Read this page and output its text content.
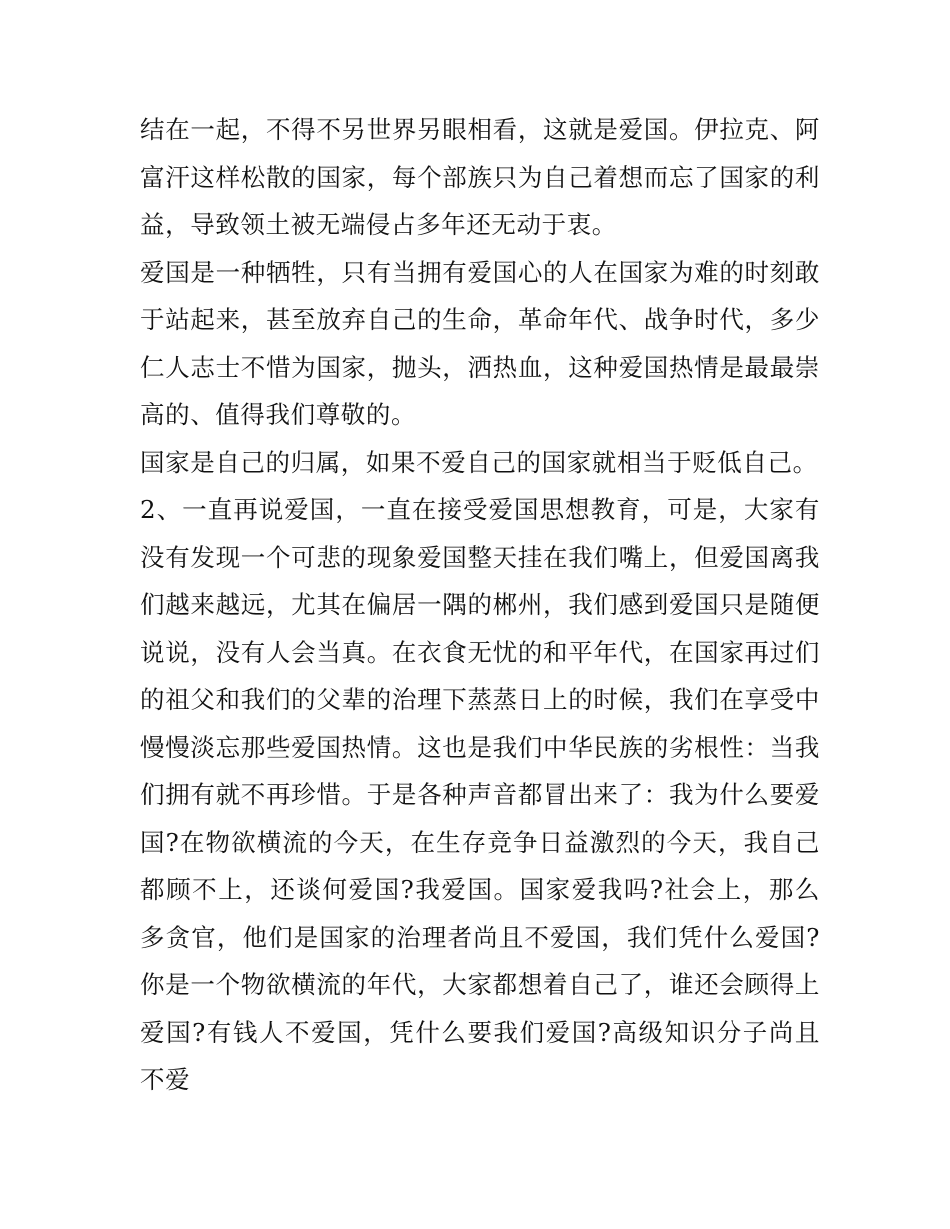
结在一起，不得不另世界另眼相看，这就是爱国。伊拉克、阿富汗这样松散的国家，每个部族只为自己着想而忘了国家的利益，导致领土被无端侵占多年还无动于衷。

爱国是一种牺牲，只有当拥有爱国心的人在国家为难的时刻敢于站起来，甚至放弃自己的生命，革命年代、战争时代，多少仁人志士不惜为国家，抛头，洒热血，这种爱国热情是最最崇高的、值得我们尊敬的。

国家是自己的归属，如果不爱自己的国家就相当于贬低自己。

2、一直再说爱国，一直在接受爱国思想教育，可是，大家有没有发现一个可悲的现象爱国整天挂在我们嘴上，但爱国离我们越来越远，尤其在偏居一隅的郴州，我们感到爱国只是随便说说，没有人会当真。在衣食无忧的和平年代，在国家再过们的祖父和我们的父辈的治理下蒸蒸日上的时候，我们在享受中慢慢淡忘那些爱国热情。这也是我们中华民族的劣根性：当我们拥有就不再珍惜。于是各种声音都冒出来了：我为什么要爱国?在物欲横流的今天，在生存竞争日益激烈的今天，我自己都顾不上，还谈何爱国?我爱国。国家爱我吗?社会上，那么多贪官，他们是国家的治理者尚且不爱国，我们凭什么爱国?你是一个物欲横流的年代，大家都想着自己了，谁还会顾得上爱国?有钱人不爱国，凭什么要我们爱国?高级知识分子尚且不爱
